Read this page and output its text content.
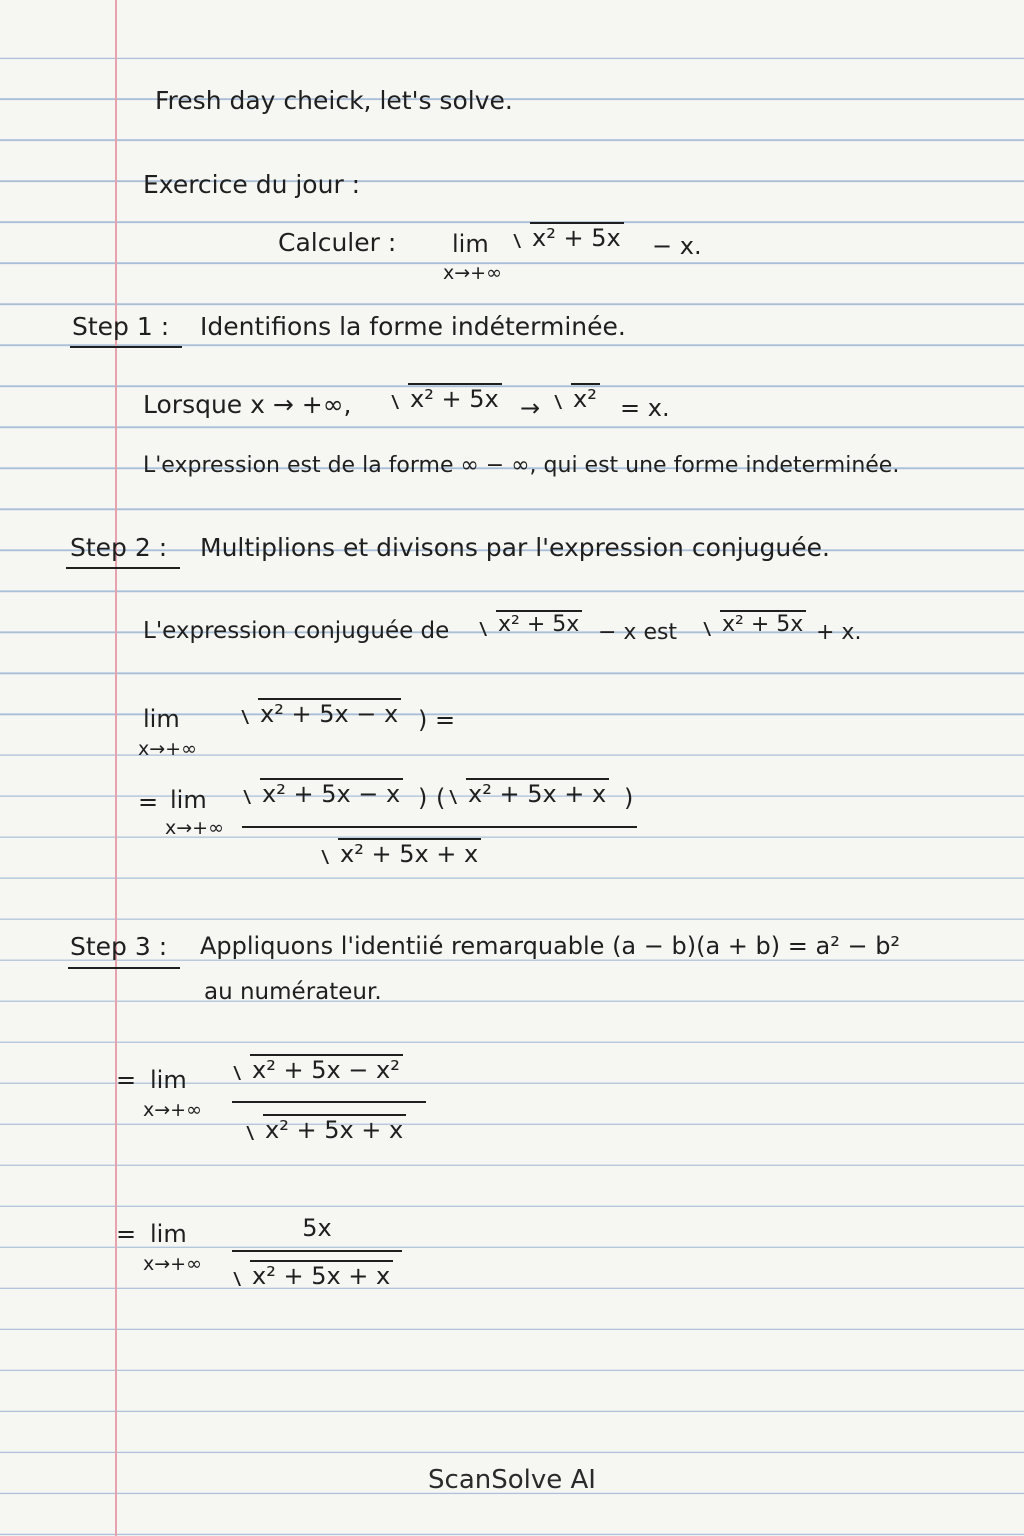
Fresh day cheick, let's solve.
Exercice du jour :
Calculer : lim
x→+∞
x² + 5x − x.
Step 1 : Identifions la forme indéterminée.
Lorsque x → +∞,	x² + 5x →	x² = x.
L'expression est de la forme ∞ − ∞, qui est une forme indeterminée.
Step 2 : Multiplions et divisons par l'expression conjuguée.
L'expression conjuguée de	x² + 5x − x est	x² + 5x + x.
lim
x→+∞
x² + 5x − x ) =
= lim
x→+∞
x² + 5x − x ) ( x² + 5x + x )
x² + 5x + x
Step 3 : Appliquons l'identiié remarquable (a − b)(a + b) = a² − b²
au numérateur.
= lim
x→+∞
x² + 5x − x²
x² + 5x + x
= lim
x→+∞
5x
x² + 5x + x
ScanSolve AI
